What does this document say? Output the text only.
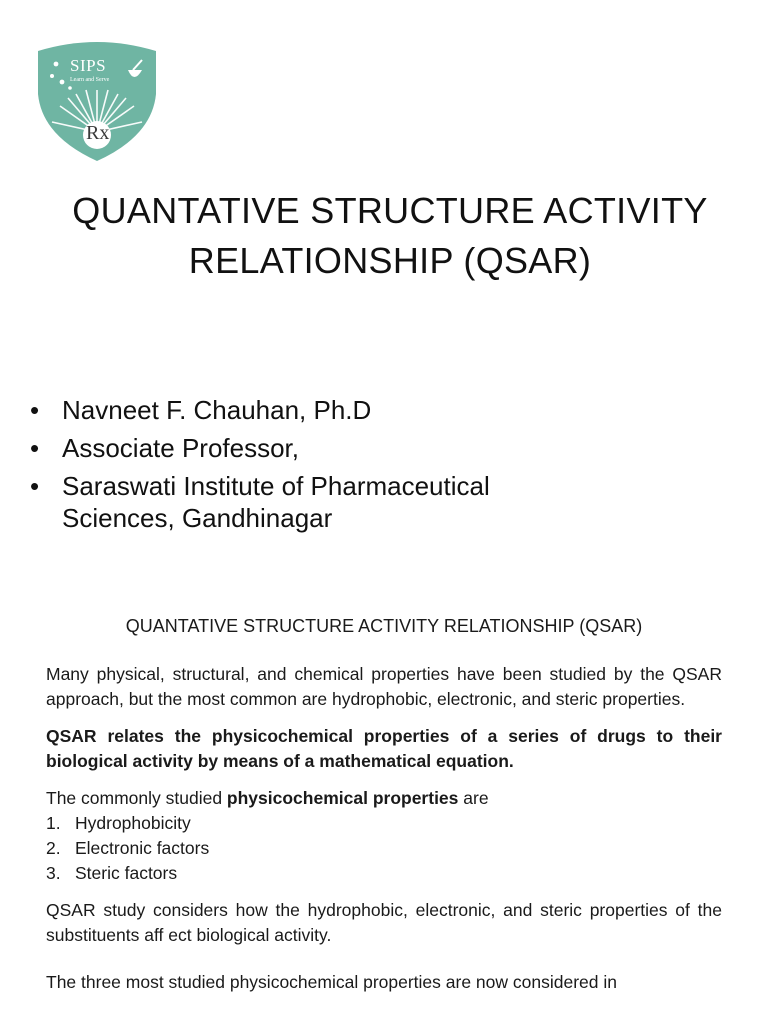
SIPS
Learn and Serve
Rx
QUANTATIVE STRUCTURE ACTIVITY
RELATIONSHIP (QSAR)
• Navneet F. Chauhan, Ph.D
• Associate Professor,
• Saraswati Institute of Pharmaceutical Sciences, Gandhinagar
QUANTATIVE STRUCTURE ACTIVITY RELATIONSHIP (QSAR)

Many physical, structural, and chemical properties have been studied by the QSAR approach, but the most common are hydrophobic, electronic, and steric properties.

QSAR relates the physicochemical properties of a series of drugs to their biological activity by means of a mathematical equation.

The commonly studied physicochemical properties are

1. Hydrophobicity
2. Electronic factors
3. Steric factors

QSAR study considers how the hydrophobic, electronic, and steric properties of the substituents aff ect biological activity.

The three most studied physicochemical properties are now considered in
